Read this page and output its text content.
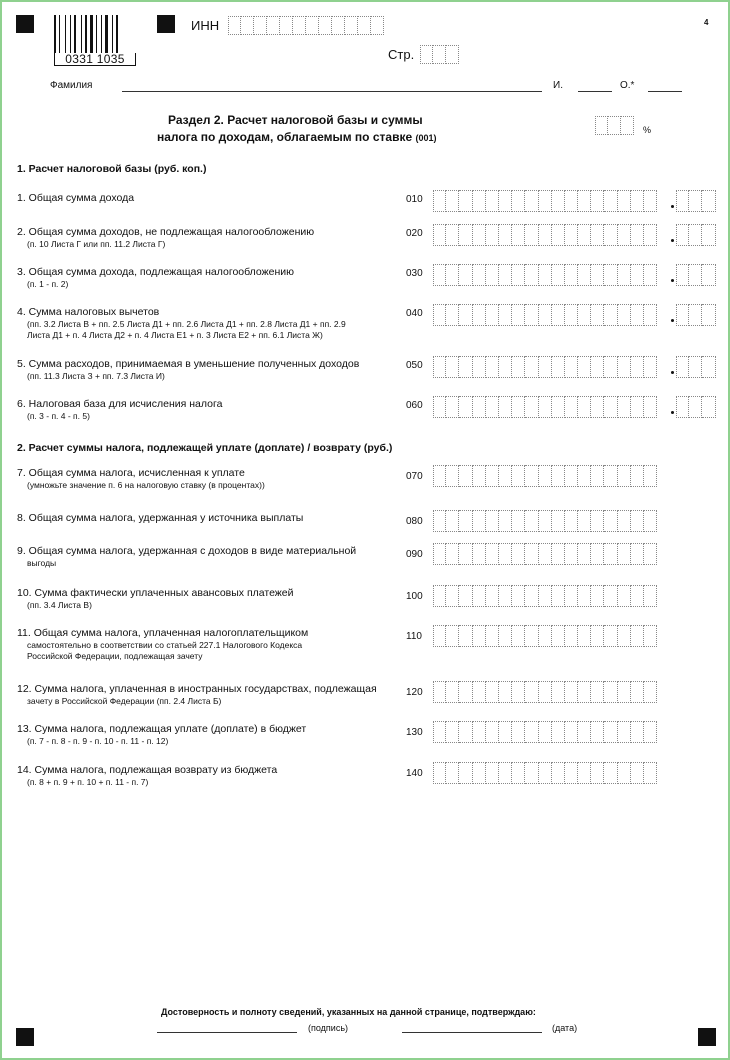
0331 1035
4
ИНН
Стр.
Фамилия	И.	О.*
Раздел 2. Расчет налоговой базы и суммы
налога по доходам, облагаемым по ставке (001)
%
1. Расчет налоговой базы (руб. коп.)
1. Общая сумма дохода	010
2. Общая сумма доходов, не подлежащая налогообложению
(п. 10 Листа Г или пп. 11.2 Листа Г)
020
3. Общая сумма дохода, подлежащая налогообложению
(п. 1 - п. 2)
030
4. Сумма налоговых вычетов
(пп. 3.2 Листа В + пп. 2.5 Листа Д1 + пп. 2.6 Листа Д1 + пп. 2.8 Листа Д1 + пп. 2.9
Листа Д1 + п. 4 Листа Д2 + п. 4 Листа Е1 + п. 3 Листа Е2 + пп. 6.1 Листа Ж)
040
5. Сумма расходов, принимаемая в уменьшение полученных доходов
(пп. 11.3 Листа З + пп. 7.3 Листа И)
050
6. Налоговая база для исчисления налога
(п. 3 - п. 4 - п. 5)
060
2. Расчет суммы налога, подлежащей уплате (доплате) / возврату (руб.)
7. Общая сумма налога, исчисленная к уплате
(умножьте значение п. 6 на налоговую ставку (в процентах))
070
8. Общая сумма налога, удержанная у источника выплаты	080
9. Общая сумма налога, удержанная с доходов в виде материальной
выгоды
090
10. Сумма фактически уплаченных авансовых платежей
(пп. 3.4 Листа В)
100
11. Общая сумма налога, уплаченная налогоплательщиком
самостоятельно в соответствии со статьей 227.1 Налогового Кодекса
Российской Федерации, подлежащая зачету
110
12. Сумма налога, уплаченная в иностранных государствах, подлежащая
зачету в Российской Федерации (пп. 2.4 Листа Б)
120
13. Сумма налога, подлежащая уплате (доплате) в бюджет
(п. 7 - п. 8 - п. 9 - п. 10 - п. 11 - п. 12)
130
14. Сумма налога, подлежащая возврату из бюджета
(п. 8 + п. 9 + п. 10 + п. 11 - п. 7)
140
Достоверность и полноту сведений, указанных на данной странице, подтверждаю:
(подпись)	(дата)
